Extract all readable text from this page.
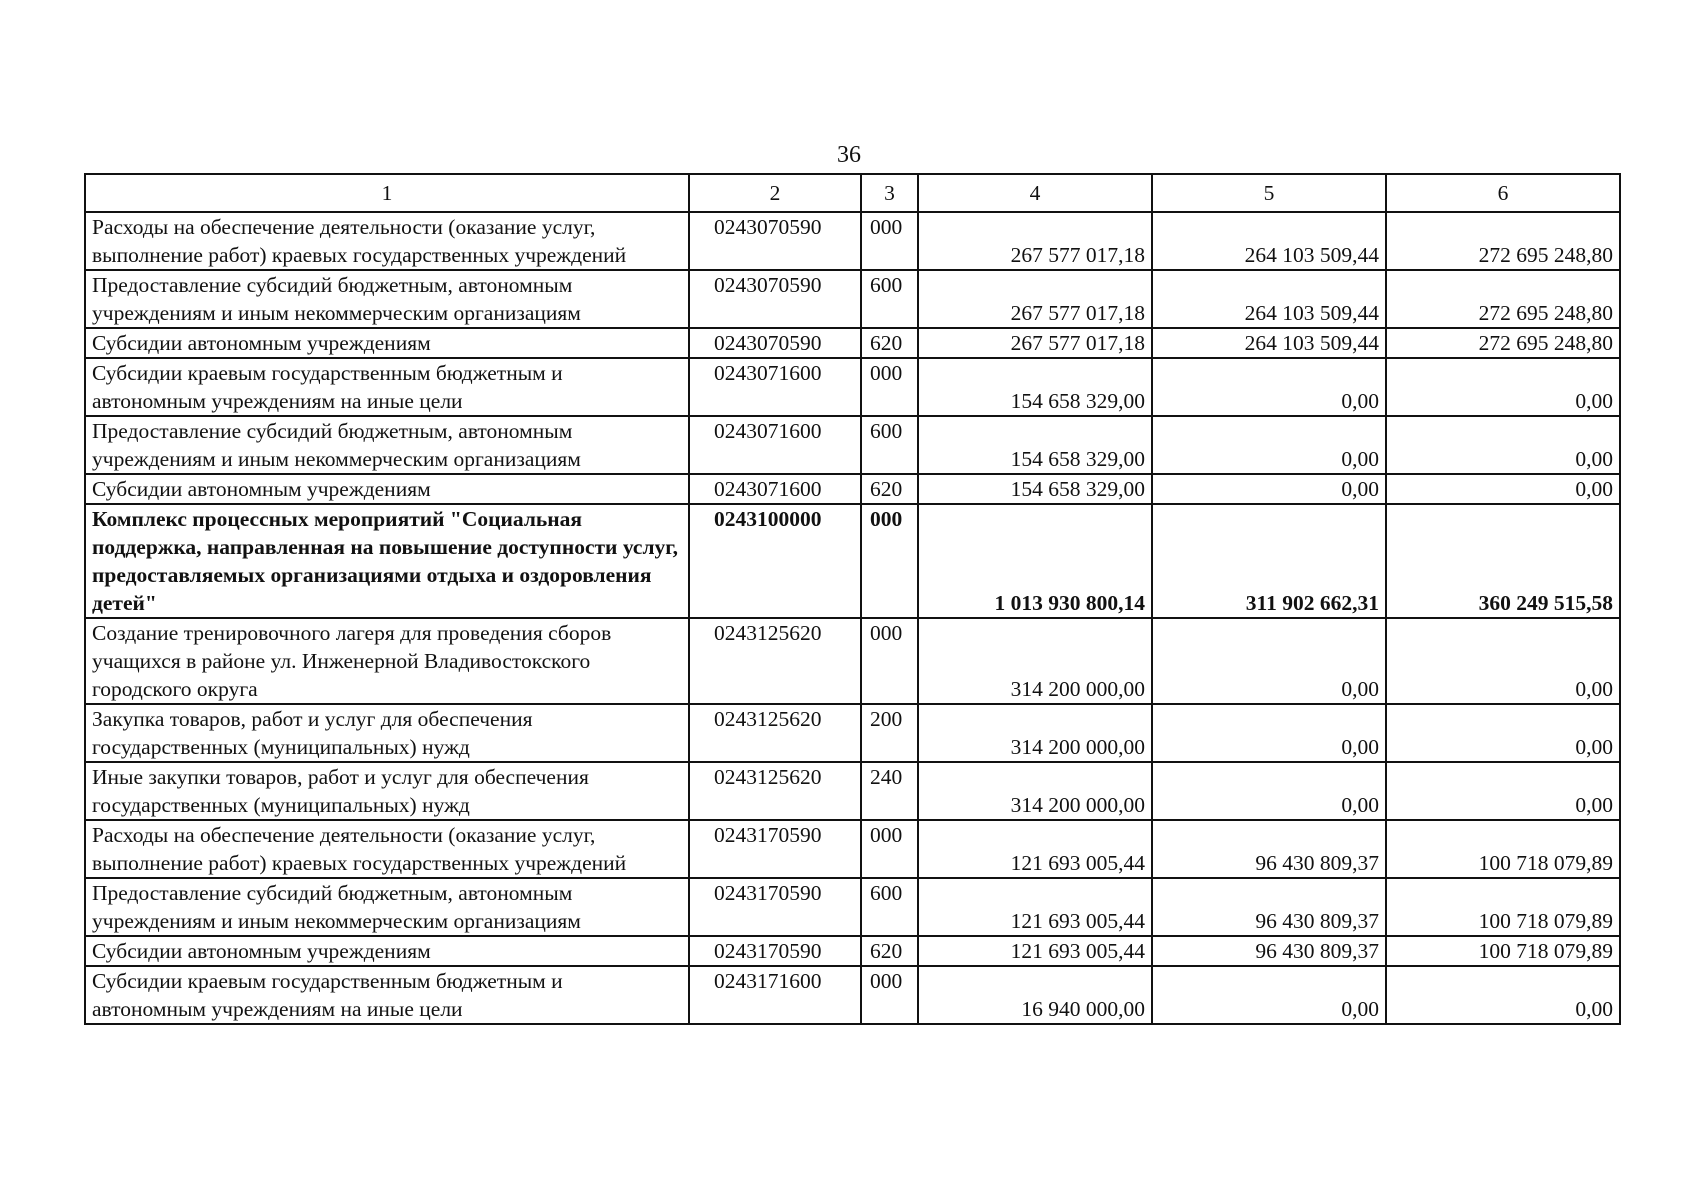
36
1	2	3	4	5	6
Расходы на обеспечение деятельности (оказание услуг, выполнение работ) краевых государственных учреждений	0243070590	000	267 577 017,18	264 103 509,44	272 695 248,80
Предоставление субсидий бюджетным, автономным учреждениям и иным некоммерческим организациям	0243070590	600	267 577 017,18	264 103 509,44	272 695 248,80
Субсидии автономным учреждениям	0243070590	620	267 577 017,18	264 103 509,44	272 695 248,80
Субсидии краевым государственным бюджетным и автономным учреждениям на иные цели	0243071600	000	154 658 329,00	0,00	0,00
Предоставление субсидий бюджетным, автономным учреждениям и иным некоммерческим организациям	0243071600	600	154 658 329,00	0,00	0,00
Субсидии автономным учреждениям	0243071600	620	154 658 329,00	0,00	0,00
Комплекс процессных мероприятий "Социальная поддержка, направленная на повышение доступности услуг, предоставляемых организациями отдыха и оздоровления детей"	0243100000	000	1 013 930 800,14	311 902 662,31	360 249 515,58
Создание тренировочного лагеря для проведения сборов учащихся в районе ул. Инженерной Владивостокского городского округа	0243125620	000	314 200 000,00	0,00	0,00
Закупка товаров, работ и услуг для обеспечения государственных (муниципальных) нужд	0243125620	200	314 200 000,00	0,00	0,00
Иные закупки товаров, работ и услуг для обеспечения государственных (муниципальных) нужд	0243125620	240	314 200 000,00	0,00	0,00
Расходы на обеспечение деятельности (оказание услуг, выполнение работ) краевых государственных учреждений	0243170590	000	121 693 005,44	96 430 809,37	100 718 079,89
Предоставление субсидий бюджетным, автономным учреждениям и иным некоммерческим организациям	0243170590	600	121 693 005,44	96 430 809,37	100 718 079,89
Субсидии автономным учреждениям	0243170590	620	121 693 005,44	96 430 809,37	100 718 079,89
Субсидии краевым государственным бюджетным и автономным учреждениям на иные цели	0243171600	000	16 940 000,00	0,00	0,00
